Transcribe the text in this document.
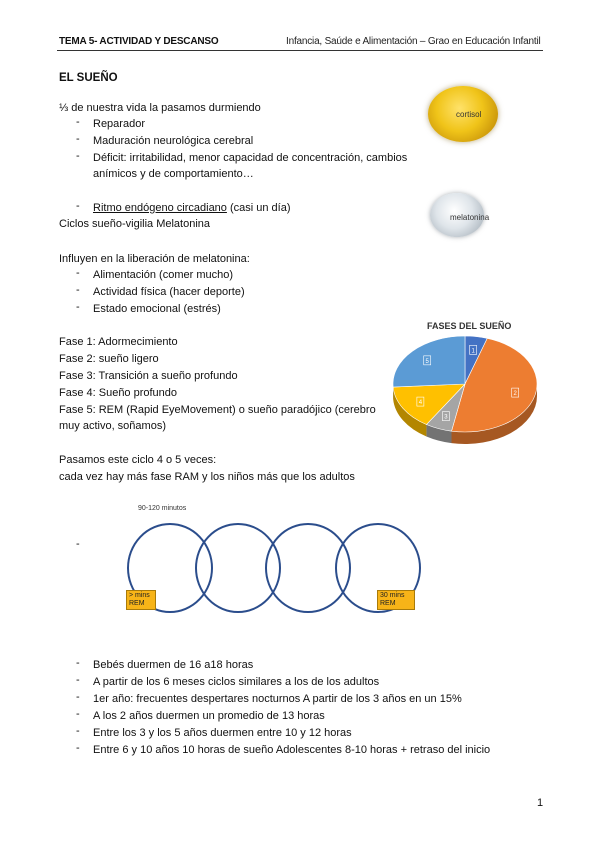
TEMA 5- ACTIVIDAD Y DESCANSO	Infancia, Saúde e Alimentación – Grao en Educación Infantil
EL SUEÑO
⅓ de nuestra vida la pasamos durmiendo
- Reparador
- Maduración neurológica cerebral
- Déficit: irritabilidad, menor capacidad de concentración, cambios
anímicos y de comportamiento…
- Ritmo endógeno circadiano (casi un día)
Ciclos sueño-vigilia Melatonina
cortisol
melatonina
Influyen en la liberación de melatonina:
- Alimentación (comer mucho)
- Actividad física (hacer deporte)
- Estado emocional (estrés)
Fase 1: Adormecimiento
Fase 2: sueño ligero
Fase 3: Transición a sueño profundo
Fase 4: Sueño profundo
Fase 5: REM (Rapid EyeMovement) o sueño paradójico (cerebro
muy activo, soñamos)
FASES DEL SUEÑO
1
2
3
4
5
Pasamos este ciclo 4 o 5 veces:
cada vez hay más fase RAM y los niños más que los adultos
90-120 minutos
-
> mins
REM
30 mins
REM
- Bebés duermen de 16 a18 horas
- A partir de los 6 meses ciclos similares a los de los adultos
- 1er año: frecuentes despertares nocturnos A partir de los 3 años en un 15%
- A los 2 años duermen un promedio de 13 horas
- Entre los 3 y los 5 años duermen entre 10 y 12 horas
- Entre 6 y 10 años 10 horas de sueño Adolescentes 8-10 horas + retraso del inicio
1
